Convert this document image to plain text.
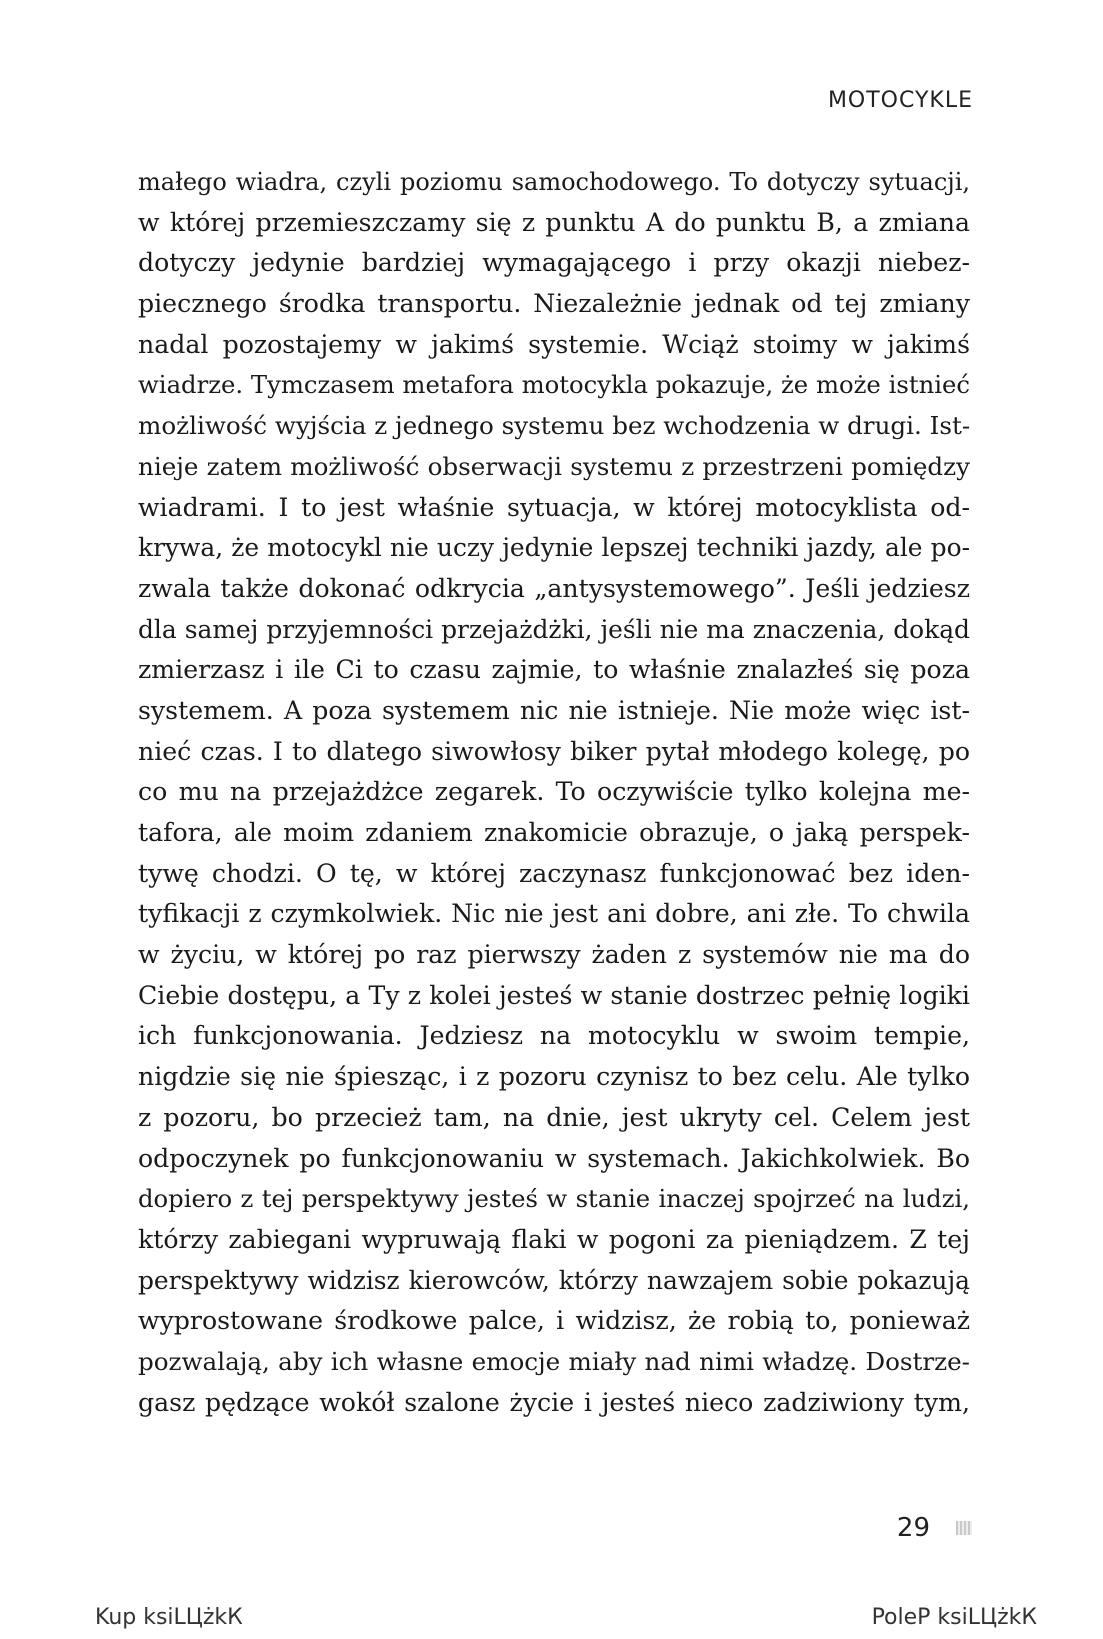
MOTOCYKLE
małego wiadra, czyli poziomu samochodowego. To dotyczy sytuacji,
w której przemieszczamy się z punktu A do punktu B, a zmiana
dotyczy jedynie bardziej wymagającego i przy okazji niebez-
piecznego środka transportu. Niezależnie jednak od tej zmiany
nadal pozostajemy w jakimś systemie. Wciąż stoimy w jakimś
wiadrze. Tymczasem metafora motocykla pokazuje, że może istnieć
możliwość wyjścia z jednego systemu bez wchodzenia w drugi. Ist-
nieje zatem możliwość obserwacji systemu z przestrzeni pomiędzy
wiadrami. I to jest właśnie sytuacja, w której motocyklista od-
krywa, że motocykl nie uczy jedynie lepszej techniki jazdy, ale po-
zwala także dokonać odkrycia „antysystemowego”. Jeśli jedziesz
dla samej przyjemności przejażdżki, jeśli nie ma znaczenia, dokąd
zmierzasz i ile Ci to czasu zajmie, to właśnie znalazłeś się poza
systemem. A poza systemem nic nie istnieje. Nie może więc ist-
nieć czas. I to dlatego siwowłosy biker pytał młodego kolegę, po
co mu na przejażdżce zegarek. To oczywiście tylko kolejna me-
tafora, ale moim zdaniem znakomicie obrazuje, o jaką perspek-
tywę chodzi. O tę, w której zaczynasz funkcjonować bez iden-
tyfikacji z czymkolwiek. Nic nie jest ani dobre, ani złe. To chwila
w życiu, w której po raz pierwszy żaden z systemów nie ma do
Ciebie dostępu, a Ty z kolei jesteś w stanie dostrzec pełnię logiki
ich funkcjonowania. Jedziesz na motocyklu w swoim tempie,
nigdzie się nie śpiesząc, i z pozoru czynisz to bez celu. Ale tylko
z pozoru, bo przecież tam, na dnie, jest ukryty cel. Celem jest
odpoczynek po funkcjonowaniu w systemach. Jakichkolwiek. Bo
dopiero z tej perspektywy jesteś w stanie inaczej spojrzeć na ludzi,
którzy zabiegani wypruwają flaki w pogoni za pieniądzem. Z tej
perspektywy widzisz kierowców, którzy nawzajem sobie pokazują
wyprostowane środkowe palce, i widzisz, że robią to, ponieważ
pozwalają, aby ich własne emocje miały nad nimi władzę. Dostrze-
gasz pędzące wokół szalone życie i jesteś nieco zadziwiony tym,
29
Kup ksiLЦżkК	PoleР ksiLЦżkК
